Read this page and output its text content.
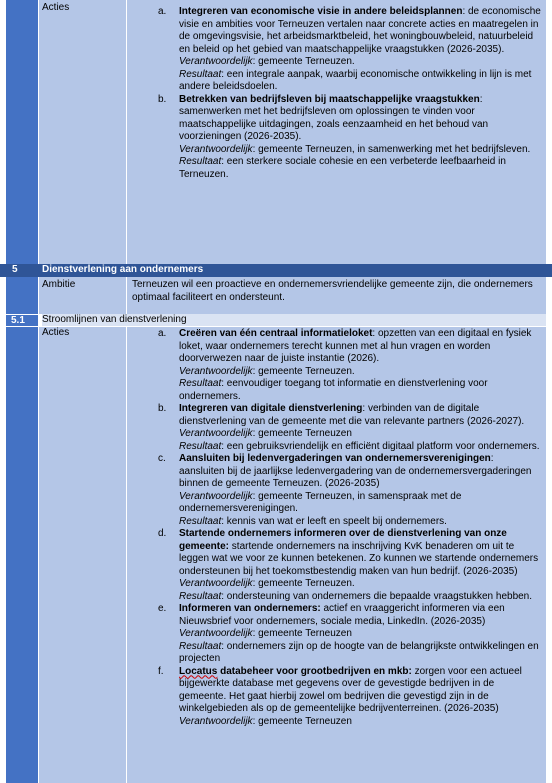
Acties	a. Integreren van economische visie in andere beleidsplannen: de economische visie en ambities voor Terneuzen vertalen naar concrete acties en maatregelen in de omgevingsvisie, het arbeidsmarktbeleid, het woningbouwbeleid, natuurbeleid en beleid op het gebied van maatschappelijke vraagstukken (2026-2035).
Verantwoordelijk: gemeente Terneuzen.
Resultaat: een integrale aanpak, waarbij economische ontwikkeling in lijn is met andere beleidsdoelen.
b. Betrekken van bedrijfsleven bij maatschappelijke vraagstukken: samenwerken met het bedrijfsleven om oplossingen te vinden voor maatschappelijke uitdagingen, zoals eenzaamheid en het behoud van voorzieningen (2026-2035).
Verantwoordelijk: gemeente Terneuzen, in samenwerking met het bedrijfsleven.
Resultaat: een sterkere sociale cohesie en een verbeterde leefbaarheid in Terneuzen.
5 Dienstverlening aan ondernemers
Ambitie	Terneuzen wil een proactieve en ondernemersvriendelijke gemeente zijn, die ondernemers optimaal faciliteert en ondersteunt.
5.1 Stroomlijnen van dienstverlening
Acties	a. Creëren van één centraal informatieloket: opzetten van een digitaal en fysiek loket, waar ondernemers terecht kunnen met al hun vragen en worden doorverwezen naar de juiste instantie (2026).
Verantwoordelijk: gemeente Terneuzen.
Resultaat: eenvoudiger toegang tot informatie en dienstverlening voor ondernemers.
b. Integreren van digitale dienstverlening: verbinden van de digitale dienstverlening van de gemeente met die van relevante partners (2026-2027).
Verantwoordelijk: gemeente Terneuzen
Resultaat: een gebruiksvriendelijk en efficiënt digitaal platform voor ondernemers.
c. Aansluiten bij ledenvergaderingen van ondernemersverenigingen: aansluiten bij de jaarlijkse ledenvergadering van de ondernemersvergaderingen binnen de gemeente Terneuzen. (2026-2035)
Verantwoordelijk: gemeente Terneuzen, in samenspraak met de ondernemersverenigingen.
Resultaat: kennis van wat er leeft en speelt bij ondernemers.
d. Startende ondernemers informeren over de dienstverlening van onze gemeente: startende ondernemers na inschrijving KvK benaderen om uit te leggen wat we voor ze kunnen betekenen. Zo kunnen we startende ondernemers ondersteunen bij het toekomstbestendig maken van hun bedrijf. (2026-2035)
Verantwoordelijk: gemeente Terneuzen.
Resultaat: ondersteuning van ondernemers die bepaalde vraagstukken hebben.
e. Informeren van ondernemers: actief en vraaggericht informeren via een Nieuwsbrief voor ondernemers, sociale media, LinkedIn. (2026-2035)
Verantwoordelijk: gemeente Terneuzen
Resultaat: ondernemers zijn op de hoogte van de belangrijkste ontwikkelingen en projecten
f. Locatus databeheer voor grootbedrijven en mkb: zorgen voor een actueel bijgewerkte database met gegevens over de gevestigde bedrijven in de gemeente. Het gaat hierbij zowel om bedrijven die gevestigd zijn in de winkelgebieden als op de gemeentelijke bedrijventerreinen. (2026-2035)
Verantwoordelijk: gemeente Terneuzen
